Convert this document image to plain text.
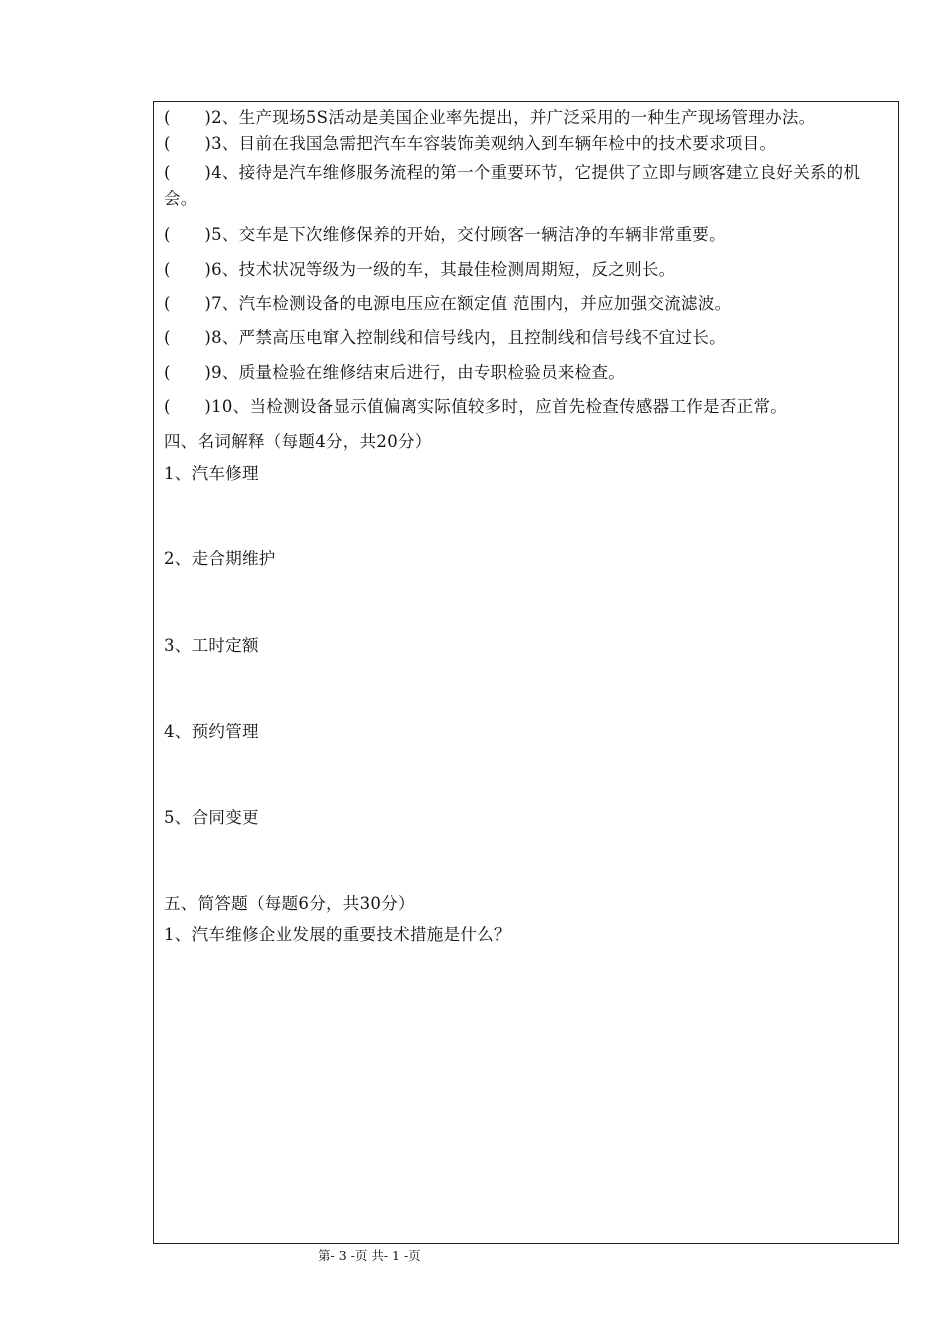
(　　)2、生产现场5S活动是美国企业率先提出，并广泛采用的一种生产现场管理办法。
(　　)3、目前在我国急需把汽车车容装饰美观纳入到车辆年检中的技术要求项目。
(　　)4、接待是汽车维修服务流程的第一个重要环节，它提供了立即与顾客建立良好关系的机会。
(　　)5、交车是下次维修保养的开始，交付顾客一辆洁净的车辆非常重要。
(　　)6、技术状况等级为一级的车，其最佳检测周期短，反之则长。
(　　)7、汽车检测设备的电源电压应在额定值 范围内，并应加强交流滤波。
(　　)8、严禁高压电窜入控制线和信号线内，且控制线和信号线不宜过长。
(　　)9、质量检验在维修结束后进行，由专职检验员来检查。
(　　)10、当检测设备显示值偏离实际值较多时，应首先检查传感器工作是否正常。
四、名词解释（每题4分，共20分）
1、汽车修理
2、走合期维护
3、工时定额
4、预约管理
5、合同变更
五、简答题（每题6分，共30分）
1、汽车维修企业发展的重要技术措施是什么？
第- 3 -页 共- 1 -页
